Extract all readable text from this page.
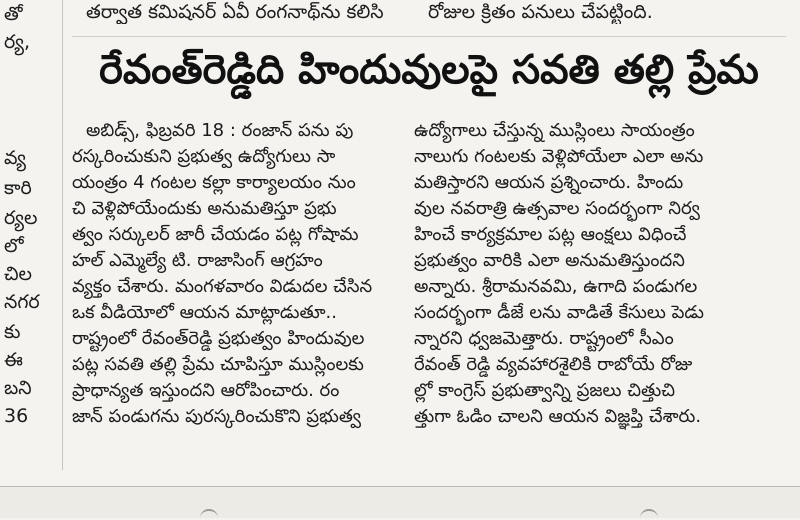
తో
ర్య,
వ్య
కారి
ర్యల
లో
చిల
నగర
కు
ఈ
బని
36
తర్వాత కమిషనర్ ఏవీ రంగనాథ్‌ను కలిసి	రోజుల క్రితం పనులు చేపట్టింది.
రేవంత్‌రెడ్డిది హిందువులపై సవతి తల్లి ప్రేమ
అబిడ్స్, ఫిబ్రవరి 18 : రంజాన్ పను పు
రస్కరించుకుని ప్రభుత్వ ఉద్యోగులు సా
యంత్రం 4 గంటల కల్లా కార్యాలయం నుం
చి వెళ్లిపోయేందుకు అనుమతిస్తూ ప్రభు
త్వం సర్కులర్ జారీ చేయడం పట్ల గోషామ
హల్ ఎమ్మెల్యే టి. రాజాసింగ్ ఆగ్రహం
వ్యక్తం చేశారు. మంగళవారం విడుదల చేసిన
ఒక వీడియోలో ఆయన మాట్లాడుతూ..
రాష్ట్రంలో రేవంత్‌రెడ్డి ప్రభుత్వం హిందువుల
పట్ల సవతి తల్లి ప్రేమ చూపిస్తూ ముస్లింలకు
ప్రాధాన్యత ఇస్తుందని ఆరోపించారు. రం
జాన్ పండుగను పురస్కరించుకొని ప్రభుత్వ
ఉద్యోగాలు చేస్తున్న ముస్లింలు సాయంత్రం
నాలుగు గంటలకు వెళ్లిపోయేలా ఎలా అను
మతిస్తారని ఆయన ప్రశ్నించారు. హిందు
వుల నవరాత్రి ఉత్సవాల సందర్భంగా నిర్వ
హించే కార్యక్రమాల పట్ల ఆంక్షలు విధించే
ప్రభుత్వం వారికి ఎలా అనుమతిస్తుందని
అన్నారు. శ్రీరామనవమి, ఉగాది పండుగల
సందర్భంగా డీజే లను వాడితే కేసులు పెడు
న్నారని ధ్వజమెత్తారు. రాష్ట్రంలో సీఎం
రేవంత్ రెడ్డి వ్యవహారశైలికి రాబోయే రోజు
ల్లో కాంగ్రెస్ ప్రభుత్వాన్ని ప్రజలు చిత్తుచి
త్తుగా ఓడిం చాలని ఆయన విజ్ఞప్తి చేశారు.
